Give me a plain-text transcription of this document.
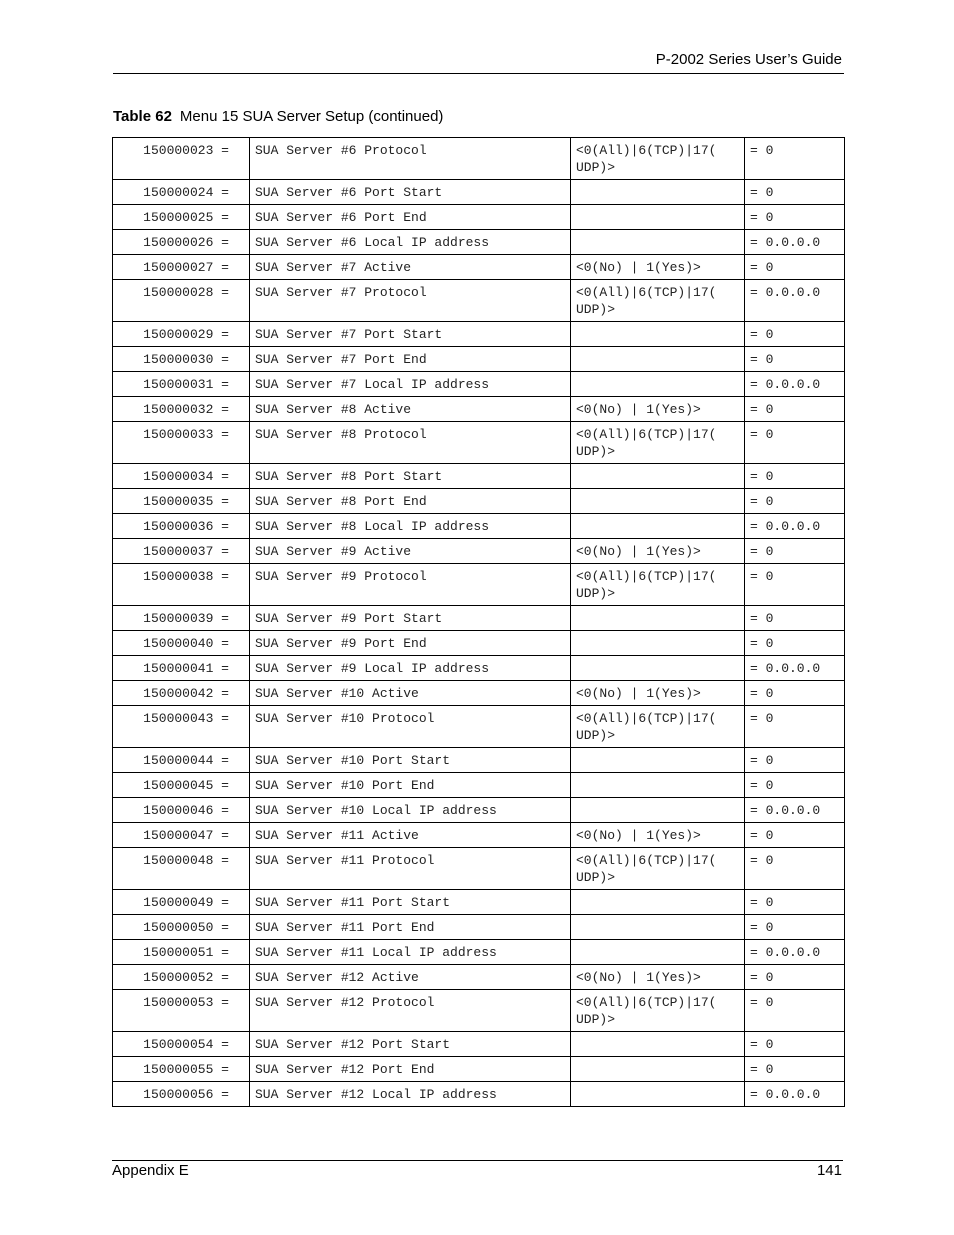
P-2002 Series User’s Guide
Table 62 Menu 15 SUA Server Setup (continued)
150000023 =	SUA Server #6 Protocol	<0(All)|6(TCP)|17(
UDP)>	= 0
150000024 =	SUA Server #6 Port Start		= 0
150000025 =	SUA Server #6 Port End		= 0
150000026 =	SUA Server #6 Local IP address		= 0.0.0.0
150000027 =	SUA Server #7 Active	<0(No) | 1(Yes)>	= 0
150000028 =	SUA Server #7 Protocol	<0(All)|6(TCP)|17(
UDP)>	= 0.0.0.0
150000029 =	SUA Server #7 Port Start		= 0
150000030 =	SUA Server #7 Port End		= 0
150000031 =	SUA Server #7 Local IP address		= 0.0.0.0
150000032 =	SUA Server #8 Active	<0(No) | 1(Yes)>	= 0
150000033 =	SUA Server #8 Protocol	<0(All)|6(TCP)|17(
UDP)>	= 0
150000034 =	SUA Server #8 Port Start		= 0
150000035 =	SUA Server #8 Port End		= 0
150000036 =	SUA Server #8 Local IP address		= 0.0.0.0
150000037 =	SUA Server #9 Active	<0(No) | 1(Yes)>	= 0
150000038 =	SUA Server #9 Protocol	<0(All)|6(TCP)|17(
UDP)>	= 0
150000039 =	SUA Server #9 Port Start		= 0
150000040 =	SUA Server #9 Port End		= 0
150000041 =	SUA Server #9 Local IP address		= 0.0.0.0
150000042 =	SUA Server #10 Active	<0(No) | 1(Yes)>	= 0
150000043 =	SUA Server #10 Protocol	<0(All)|6(TCP)|17(
UDP)>	= 0
150000044 =	SUA Server #10 Port Start		= 0
150000045 =	SUA Server #10 Port End		= 0
150000046 =	SUA Server #10 Local IP address		= 0.0.0.0
150000047 =	SUA Server #11 Active	<0(No) | 1(Yes)>	= 0
150000048 =	SUA Server #11 Protocol	<0(All)|6(TCP)|17(
UDP)>	= 0
150000049 =	SUA Server #11 Port Start		= 0
150000050 =	SUA Server #11 Port End		= 0
150000051 =	SUA Server #11 Local IP address		= 0.0.0.0
150000052 =	SUA Server #12 Active	<0(No) | 1(Yes)>	= 0
150000053 =	SUA Server #12 Protocol	<0(All)|6(TCP)|17(
UDP)>	= 0
150000054 =	SUA Server #12 Port Start		= 0
150000055 =	SUA Server #12 Port End		= 0
150000056 =	SUA Server #12 Local IP address		= 0.0.0.0
Appendix E	141
